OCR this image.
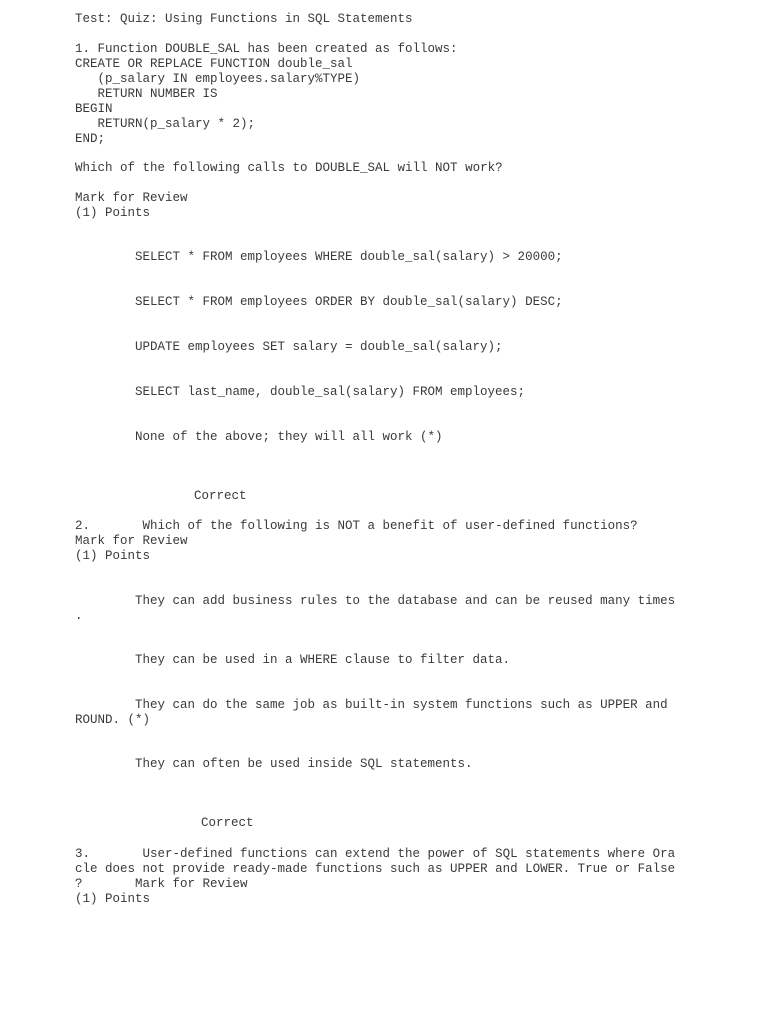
Test: Quiz: Using Functions in SQL Statements
1. Function DOUBLE_SAL has been created as follows:
CREATE OR REPLACE FUNCTION double_sal
(p_salary IN employees.salary%TYPE)
RETURN NUMBER IS
BEGIN
RETURN(p_salary * 2);
END;
Which of the following calls to DOUBLE_SAL will NOT work?
Mark for Review
(1) Points
SELECT * FROM employees WHERE double_sal(salary) > 20000;
SELECT * FROM employees ORDER BY double_sal(salary) DESC;
UPDATE employees SET salary = double_sal(salary);
SELECT last_name, double_sal(salary) FROM employees;
None of the above; they will all work (*)
Correct
2.       Which of the following is NOT a benefit of user-defined functions?
Mark for Review
(1) Points
They can add business rules to the database and can be reused many times
.
They can be used in a WHERE clause to filter data.
They can do the same job as built-in system functions such as UPPER and
ROUND. (*)
They can often be used inside SQL statements.
Correct
3.       User-defined functions can extend the power of SQL statements where Ora
cle does not provide ready-made functions such as UPPER and LOWER. True or False
?       Mark for Review
(1) Points
